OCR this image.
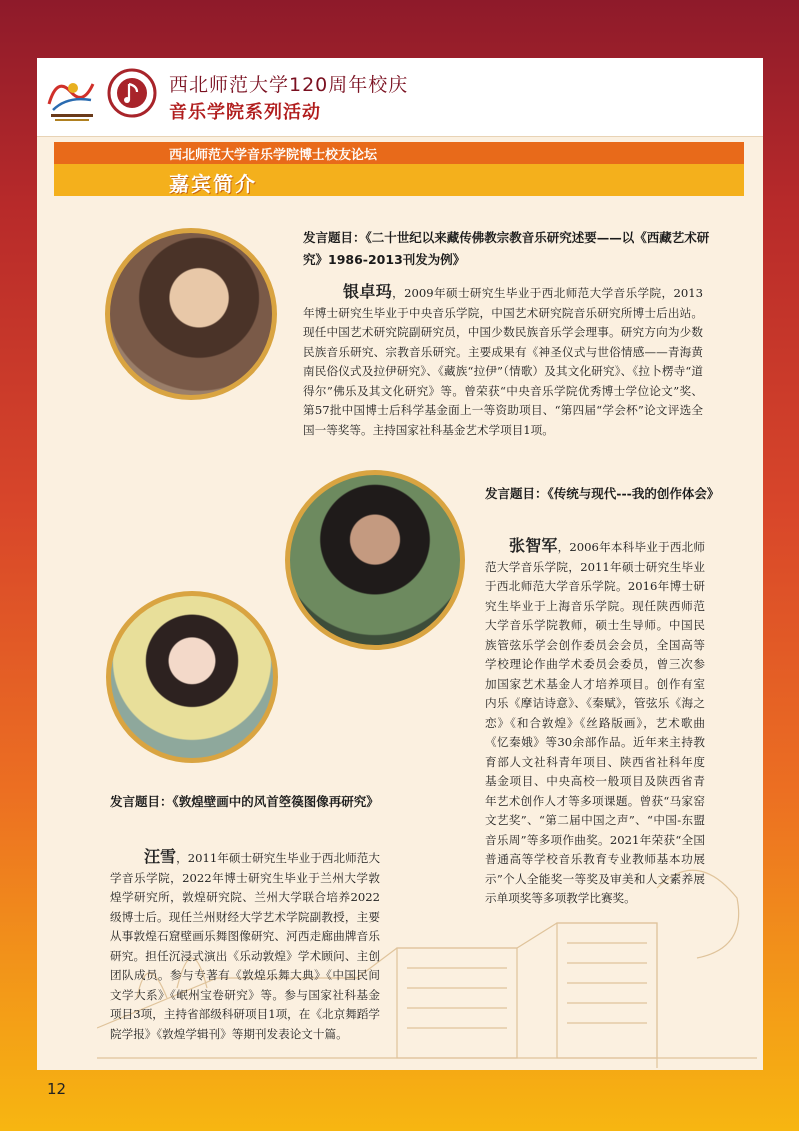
西北师范大学120周年校庆
音乐学院系列活动
西北师范大学音乐学院博士校友论坛
嘉宾简介
发言题目：《二十世纪以来藏传佛教宗教音乐研究述要——以《西藏艺术研究》1986-2013刊发为例》
银卓玛，2009年硕士研究生毕业于西北师范大学音乐学院，2013年博士研究生毕业于中央音乐学院，中国艺术研究院音乐研究所博士后出站。现任中国艺术研究院副研究员，中国少数民族音乐学会理事。研究方向为少数民族音乐研究、宗教音乐研究。主要成果有《神圣仪式与世俗情感——青海黄南民俗仪式及拉伊研究》、《藏族“拉伊”（情歌）及其文化研究》、《拉卜楞寺“道得尔”佛乐及其文化研究》等。曾荣获“中央音乐学院优秀博士学位论文”奖、第57批中国博士后科学基金面上一等资助项目、“第四届“学会杯”论文评选全国一等奖等。主持国家社科基金艺术学项目1项。
发言题目：《传统与现代---我的创作体会》
张智军，2006年本科毕业于西北师范大学音乐学院，2011年硕士研究生毕业于西北师范大学音乐学院。2016年博士研究生毕业于上海音乐学院。现任陕西师范大学音乐学院教师，硕士生导师。中国民族管弦乐学会创作委员会会员，全国高等学校理论作曲学术委员会委员，曾三次参加国家艺术基金人才培养项目。创作有室内乐《摩诘诗意》、《秦赋》，管弦乐《海之恋》《和合敦煌》《丝路版画》，艺术歌曲《忆秦娥》等30余部作品。近年来主持教育部人文社科青年项目、陕西省社科年度基金项目、中央高校一般项目及陕西省青年艺术创作人才等多项课题。曾获“马家窑文艺奖”、“第二届中国之声”、“中国-东盟音乐周”等多项作曲奖。2021年荣获“全国普通高等学校音乐教育专业教师基本功展示”个人全能奖一等奖及审美和人文素养展示单项奖等多项教学比赛奖。
发言题目：《敦煌壁画中的风首箜篌图像再研究》
汪雪，2011年硕士研究生毕业于西北师范大学音乐学院，2022年博士研究生毕业于兰州大学敦煌学研究所，敦煌研究院、兰州大学联合培养2022级博士后。现任兰州财经大学艺术学院副教授，主要从事敦煌石窟壁画乐舞图像研究、河西走廊曲牌音乐研究。担任沉浸式演出《乐动敦煌》学术顾问、主创团队成员。参与专著有《敦煌乐舞大典》《中国民间文学大系》《岷州宝卷研究》等。参与国家社科基金项目3项，主持省部级科研项目1项，在《北京舞蹈学院学报》《敦煌学辑刊》等期刊发表论文十篇。
12
